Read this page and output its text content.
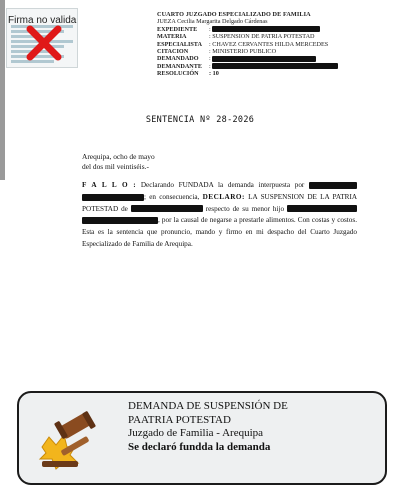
Firma no valida
CUARTO JUZGADO ESPECIALIZADO DE FAMILIA
JUEZA Cecilia Margarita Delgado Cárdenas
EXPEDIENTE	:
MATERIA	: SUSPENSION DE PATRIA POTESTAD
ESPECIALISTA	: CHAVEZ CERVANTES HILDA MERCEDES
CITACION	: MINISTERIO PUBLICO
DEMANDADO	:
DEMANDANTE	:
RESOLUCIÓN	: 10
SENTENCIA Nº 28-2026
Arequipa, ocho de mayo
del dos mil veintiséis.-
F A L L O : Declarando FUNDADA la demanda interpuesta por  ; en consecuencia, DECLARO: LA SUSPENSION DE LA PATRIA POTESTAD de	respecto de su menor hijo  , por la causal de negarse a prestarle alimentos. Con costas y costos. Esta es la sentencia que pronuncio, mando y firmo en mi despacho del Cuarto Juzgado Especializado de Familia de Arequipa.
DEMANDA DE SUSPENSIÓN DE
PAATRIA POTESTAD
Juzgado de Familia - Arequipa
Se declaró fundda la demanda
